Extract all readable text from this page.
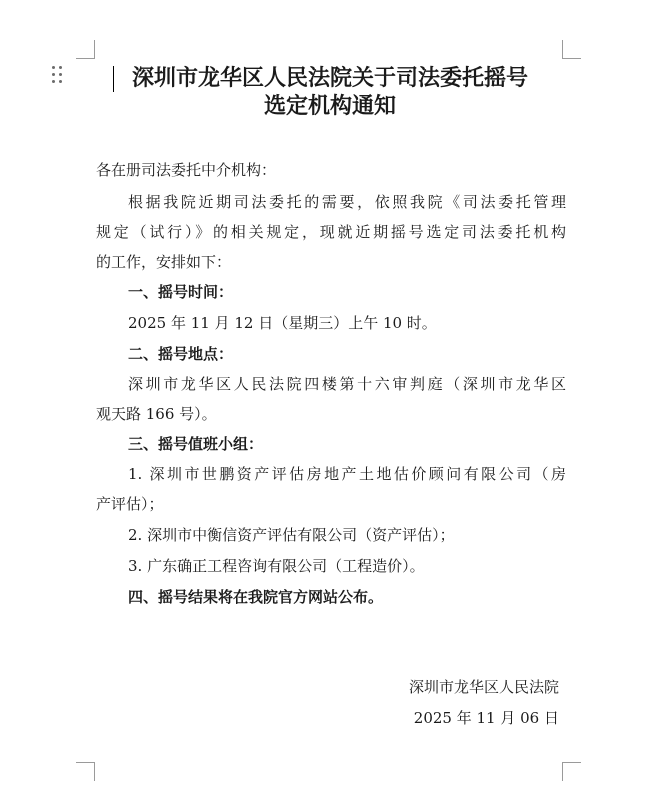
深圳市龙华区人民法院关于司法委托摇号
选定机构通知

各在册司法委托中介机构：

根据我院近期司法委托的需要，依照我院《司法委托管理

规定（试行）》的相关规定，现就近期摇号选定司法委托机构

的工作，安排如下：

一、摇号时间：

2025 年 11 月 12 日（星期三）上午 10 时。

二、摇号地点：

深圳市龙华区人民法院四楼第十六审判庭（深圳市龙华区

观天路 166 号）。

三、摇号值班小组：

1. 深圳市世鹏资产评估房地产土地估价顾问有限公司（房

产评估）；

2. 深圳市中衡信资产评估有限公司（资产评估）；

3. 广东确正工程咨询有限公司（工程造价）。

四、摇号结果将在我院官方网站公布。

深圳市龙华区人民法院

2025 年 11 月 06 日
